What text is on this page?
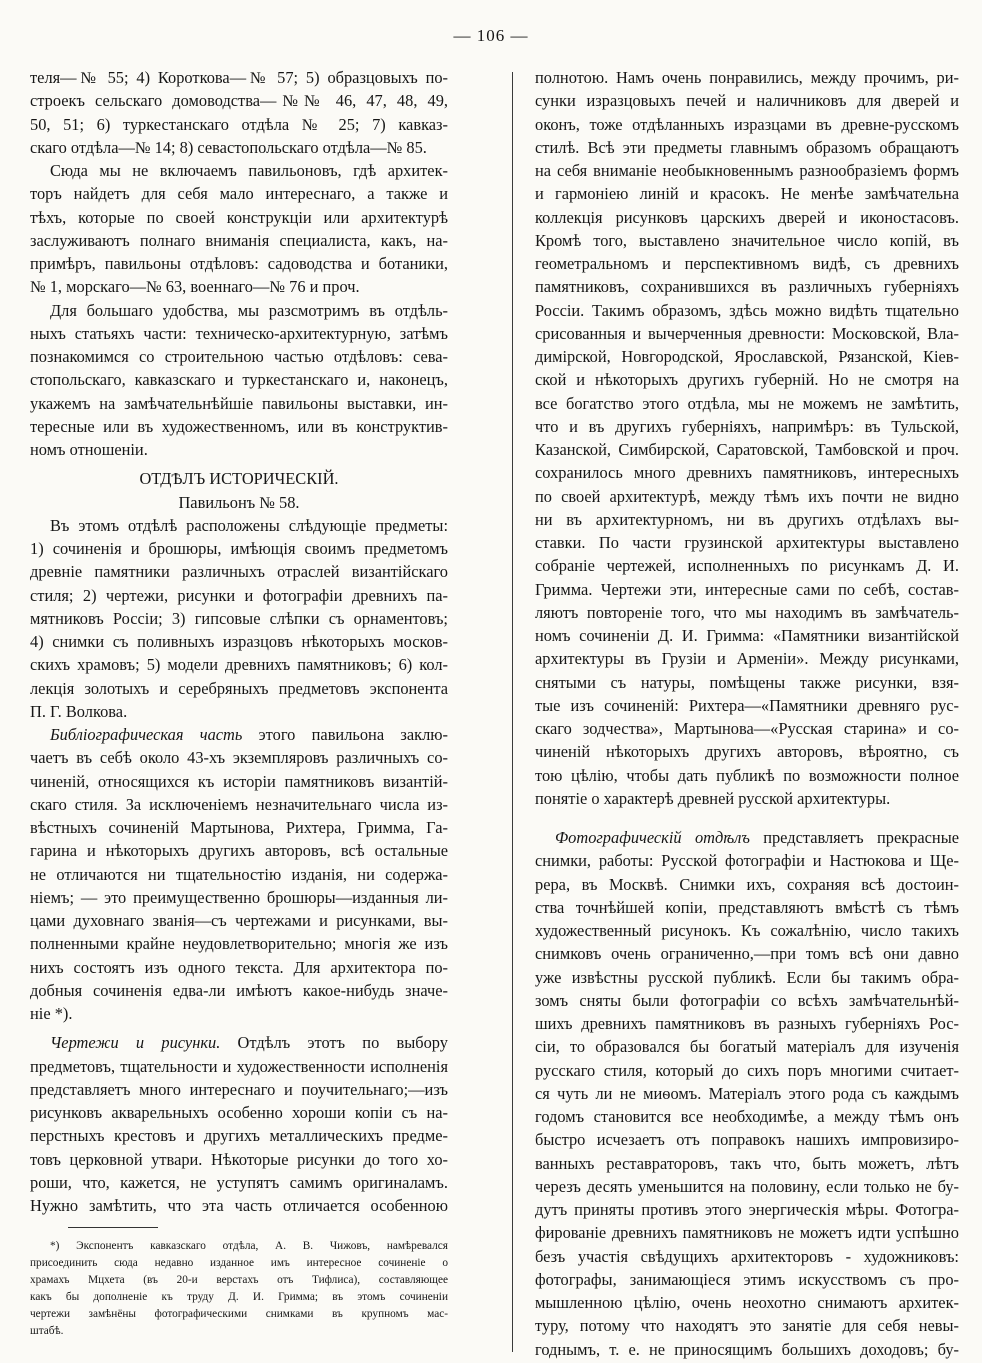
— 106 —
теля—№ 55; 4) Короткова—№ 57; 5) образцовыхъ по-
строекъ сельскаго домоводства—№№ 46, 47, 48, 49,
50, 51; 6) туркестанскаго отдѣла № 25; 7) кавказ-
скаго отдѣла—№ 14; 8) севастопольскаго отдѣла—№ 85.
Сюда мы не включаемъ павильоновъ, гдѣ архитек-
торъ найдетъ для себя мало интереснаго, а также и
тѣхъ, которые по своей конструкціи или архитектурѣ
заслуживаютъ полнаго вниманія специалиста, какъ, на-
примѣръ, павильоны отдѣловъ: садоводства и ботаники,
№ 1, морскаго—№ 63, военнаго—№ 76 и проч.
Для большаго удобства, мы разсмотримъ въ отдѣль-
ныхъ статьяхъ части: техническо-архитектурную, затѣмъ
познакомимся со строительною частью отдѣловъ: сева-
стопольскаго, кавказскаго и туркестанскаго и, наконецъ,
укажемъ на замѣчательнѣйшіе павильоны выставки, ин-
тересные или въ художественномъ, или въ конструктив-
номъ отношеніи.
ОТДѢЛЪ ИСТОРИЧЕСКІЙ.
Павильонъ № 58.
Въ этомъ отдѣлѣ расположены слѣдующіе предметы:
1) сочиненія и брошюры, имѣющія своимъ предметомъ
древніе памятники различныхъ отраслей византійскаго
стиля; 2) чертежи, рисунки и фотографіи древнихъ па-
мятниковъ Россіи; 3) гипсовые слѣпки съ орнаментовъ;
4) снимки съ поливныхъ изразцовъ нѣкоторыхъ москов-
скихъ храмовъ; 5) модели древнихъ памятниковъ; 6) кол-
лекція золотыхъ и серебряныхъ предметовъ экспонента
П. Г. Волкова.
Библіографическая часть этого павильона заклю-
чаетъ въ себѣ около 43-хъ экземпляровъ различныхъ со-
чиненій, относящихся къ исторіи памятниковъ византій-
скаго стиля. За исключеніемъ незначительнаго числа из-
вѣстныхъ сочиненій Мартынова, Рихтера, Гримма, Га-
гарина и нѣкоторыхъ другихъ авторовъ, всѣ остальные
не отличаются ни тщательностію изданія, ни содержа-
ніемъ; — это преимущественно брошюры—изданныя ли-
цами духовнаго званія—съ чертежами и рисунками, вы-
полненными крайне неудовлетворительно; многія же изъ
нихъ состоятъ изъ одного текста. Для архитектора по-
добныя сочиненія едва-ли имѣютъ какое-нибудь значе-
ніе *).
Чертежи и рисунки. Отдѣлъ этотъ по выбору
предметовъ, тщательности и художественности исполненія
представляетъ много интереснаго и поучительнаго;—изъ
рисунковъ акварельныхъ особенно хороши копіи съ на-
перстныхъ крестовъ и другихъ металлическихъ предме-
товъ церковной утвари. Нѣкоторые рисунки до того хо-
роши, что, кажется, не уступятъ самимъ оригиналамъ.
Нужно замѣтить, что эта часть отличается особенною
*) Экспонентъ кавказскаго отдѣла, А. В. Чижовъ, намѣревался
присоединить сюда недавно изданное имъ интересное сочиненіе о
храмахъ Мцхета (въ 20-и верстахъ отъ Тифлиса), составляющее
какъ бы дополненіе къ труду Д. И. Гримма; въ этомъ сочиненіи
чертежи замѣнёны фотографическими снимками въ крупномъ мас-
штабѣ.
полнотою. Намъ очень понравились, между прочимъ, ри-
сунки изразцовыхъ печей и наличниковъ для дверей и
оконъ, тоже отдѣланныхъ изразцами въ древне-русскомъ
стилѣ. Всѣ эти предметы главнымъ образомъ обращаютъ
на себя вниманіе необыкновеннымъ разнообразіемъ формъ
и гармоніею линій и красокъ. Не менѣе замѣчательна
коллекція рисунковъ царскихъ дверей и иконостасовъ.
Кромѣ того, выставлено значительное число копій, въ
геометральномъ и перспективномъ видѣ, съ древнихъ
памятниковъ, сохранившихся въ различныхъ губерніяхъ
Россіи. Такимъ образомъ, здѣсь можно видѣть тщательно
срисованныя и вычерченныя древности: Московской, Вла-
димірской, Новгородской, Ярославской, Рязанской, Кіев-
ской и нѣкоторыхъ другихъ губерній. Но не смотря на
все богатство этого отдѣла, мы не можемъ не замѣтить,
что и въ другихъ губерніяхъ, напримѣръ: въ Тульской,
Казанской, Симбирской, Саратовской, Тамбовской и проч.
сохранилось много древнихъ памятниковъ, интересныхъ
по своей архитектурѣ, между тѣмъ ихъ почти не видно
ни въ архитектурномъ, ни въ другихъ отдѣлахъ вы-
ставки. По части грузинской архитектуры выставлено
собраніе чертежей, исполненныхъ по рисункамъ Д. И.
Гримма. Чертежи эти, интересные сами по себѣ, состав-
ляютъ повтореніе того, что мы находимъ въ замѣчатель-
номъ сочиненіи Д. И. Гримма: «Памятники византійской
архитектуры въ Грузіи и Арменіи». Между рисунками,
снятыми съ натуры, помѣщены также рисунки, взя-
тые изъ сочиненій: Рихтера—«Памятники древняго рус-
скаго зодчества», Мартынова—«Русская старина» и со-
чиненій нѣкоторыхъ другихъ авторовъ, вѣроятно, съ
тою цѣлію, чтобы дать публикѣ по возможности полное
понятіе о характерѣ древней русской архитектуры.
Фотографическій отдѣлъ представляетъ прекрасные
снимки, работы: Русской фотографіи и Настюкова и Ще-
рера, въ Москвѣ. Снимки ихъ, сохраняя всѣ достоин-
ства точнѣйшей копіи, представляютъ вмѣстѣ съ тѣмъ
художественный рисунокъ. Къ сожалѣнію, число такихъ
снимковъ очень ограниченно,—при томъ всѣ они давно
уже извѣстны русской публикѣ. Если бы такимъ обра-
зомъ сняты были фотографіи со всѣхъ замѣчательнѣй-
шихъ древнихъ памятниковъ въ разныхъ губерніяхъ Рос-
сіи, то образовался бы богатый матеріалъ для изученія
русскаго стиля, который до сихъ поръ многими считает-
ся чуть ли не миѳомъ. Матеріалъ этого рода съ каждымъ
годомъ становится все необходимѣе, а между тѣмъ онъ
быстро исчезаетъ отъ поправокъ нашихъ импровизиро-
ванныхъ реставраторовъ, такъ что, быть можетъ, лѣтъ
черезъ десять уменьшится на половину, если только не бу-
дутъ приняты противъ этого энергическія мѣры. Фотогра-
фированіе древнихъ памятниковъ не можетъ идти успѣшно
безъ участія свѣдущихъ архитекторовъ - художниковъ:
фотографы, занимающіеся этимъ искусствомъ съ про-
мышленною цѣлію, очень неохотно снимаютъ архитек-
туру, потому что находятъ это занятіе для себя невы-
годнымъ, т. е. не приносящимъ большихъ доходовъ; бу-
